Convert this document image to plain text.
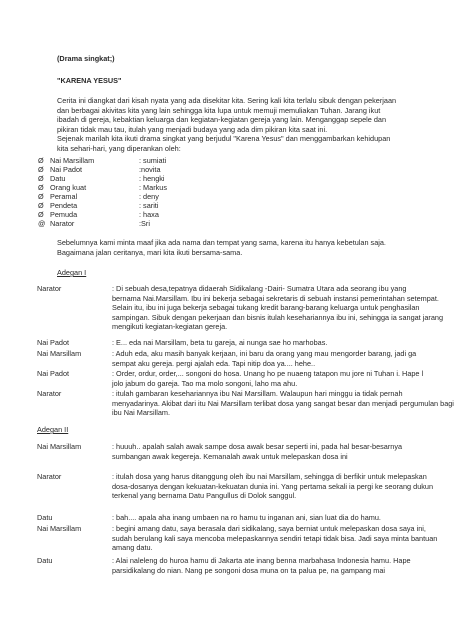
(Drama singkat;)
"KARENA YESUS"
Cerita ini diangkat dari kisah nyata yang ada disekitar kita. Sering kali kita terlalu sibuk dengan pekerjaan
dan berbagai akivitas kita yang lain sehingga kita lupa untuk memuji memuliakan Tuhan. Jarang ikut
ibadah di gereja, kebaktian keluarga dan kegiatan-kegiatan gereja yang lain. Menganggap sepele dan
pikiran tidak mau tau, itulah yang menjadi budaya yang ada dim pikiran kita saat ini.
Sejenak marilah kita ikuti drama singkat yang berjudul "Karena Yesus" dan menggambarkan kehidupan
kita sehari-hari, yang diperankan oleh:
Ø Nai Marsillam	: sumiati
Ø Nai Padot	:novita
Ø Datu	: hengki
Ø Orang kuat	: Markus
Ø Peramal	: deny
Ø Pendeta	: sariti
Ø Pemuda	: haxa
@ Narator	:Sri
Sebelumnya kami minta maaf jika ada nama dan tempat yang sama, karena itu hanya kebetulan saja.
Bagaimana jalan ceritanya, mari kita ikuti bersama-sama.
Adegan I
Narator	: Di sebuah desa,tepatnya didaerah Sidikalang -Dairi- Sumatra Utara ada seorang ibu yang
bernama Nai.Marsillam. Ibu ini bekerja sebagai sekretaris di sebuah instansi pemerintahan setempat.
Selain itu, ibu ini juga bekerja sebagai tukang kredit barang-barang keluarga untuk penghasilan
sampingan. Sibuk dengan pekerjaan dan bisnis itulah kesehariannya ibu ini, sehingga ia sangat jarang
mengikuti kegiatan-kegiatan gereja.
Nai Padot	: E... eda nai Marsillam, beta tu gareja, ai nunga sae ho marhobas.
Nai Marsillam	: Aduh eda, aku masih banyak kerjaan, ini baru da orang yang mau mengorder barang, jadi ga
sempat aku gereja. pergi ajalah eda. Tapi nitip doa ya.... hehe..
Nai Padot	: Order, ordur, order,... songoni do hosa. Unang ho pe nuaeng tatapon mu jore ni Tuhan i. Hape l
jolo jabum do gareja. Tao ma molo songoni, laho ma ahu.
Narator	: itulah gambaran kesehariannya ibu Nai Marsillam. Walaupun hari minggu ia tidak pernah
menyadarinya. Akibat dari itu Nai Marsillam terlibat dosa yang sangat besar dan menjadi pergumulan bagi
ibu Nai Marsillam.
Adegan II
Nai Marsillam	: huuuh.. apalah salah awak sampe dosa awak besar seperti ini, pada hal besar-besarnya
sumbangan awak kegereja. Kemanalah awak untuk melepaskan dosa ini
Narator	: itulah dosa yang harus ditanggung oleh ibu nai Marsillam, sehingga di berfikir untuk melepaskan
dosa-dosanya dengan kekuatan-kekuatan dunia ini. Yang pertama sekali ia pergi ke seorang dukun
terkenal yang bernama Datu Pangullus di Dolok sanggul.
Datu	: bah.... apala aha inang umbaen na ro hamu tu inganan ani, sian luat dia do hamu.
Nai Marsillam	: begini amang datu, saya berasala dari sidikalang, saya berniat untuk melepaskan dosa saya ini,
sudah berulang kali saya mencoba melepaskannya sendiri tetapi tidak bisa. Jadi saya minta bantuan
amang datu.
Datu	: Alai naleleng do huroa hamu di Jakarta ate inang benna marbahasa Indonesia hamu. Hape
parsidikalang do nian. Nang pe songoni dosa muna on ta palua pe, na gampang mai
